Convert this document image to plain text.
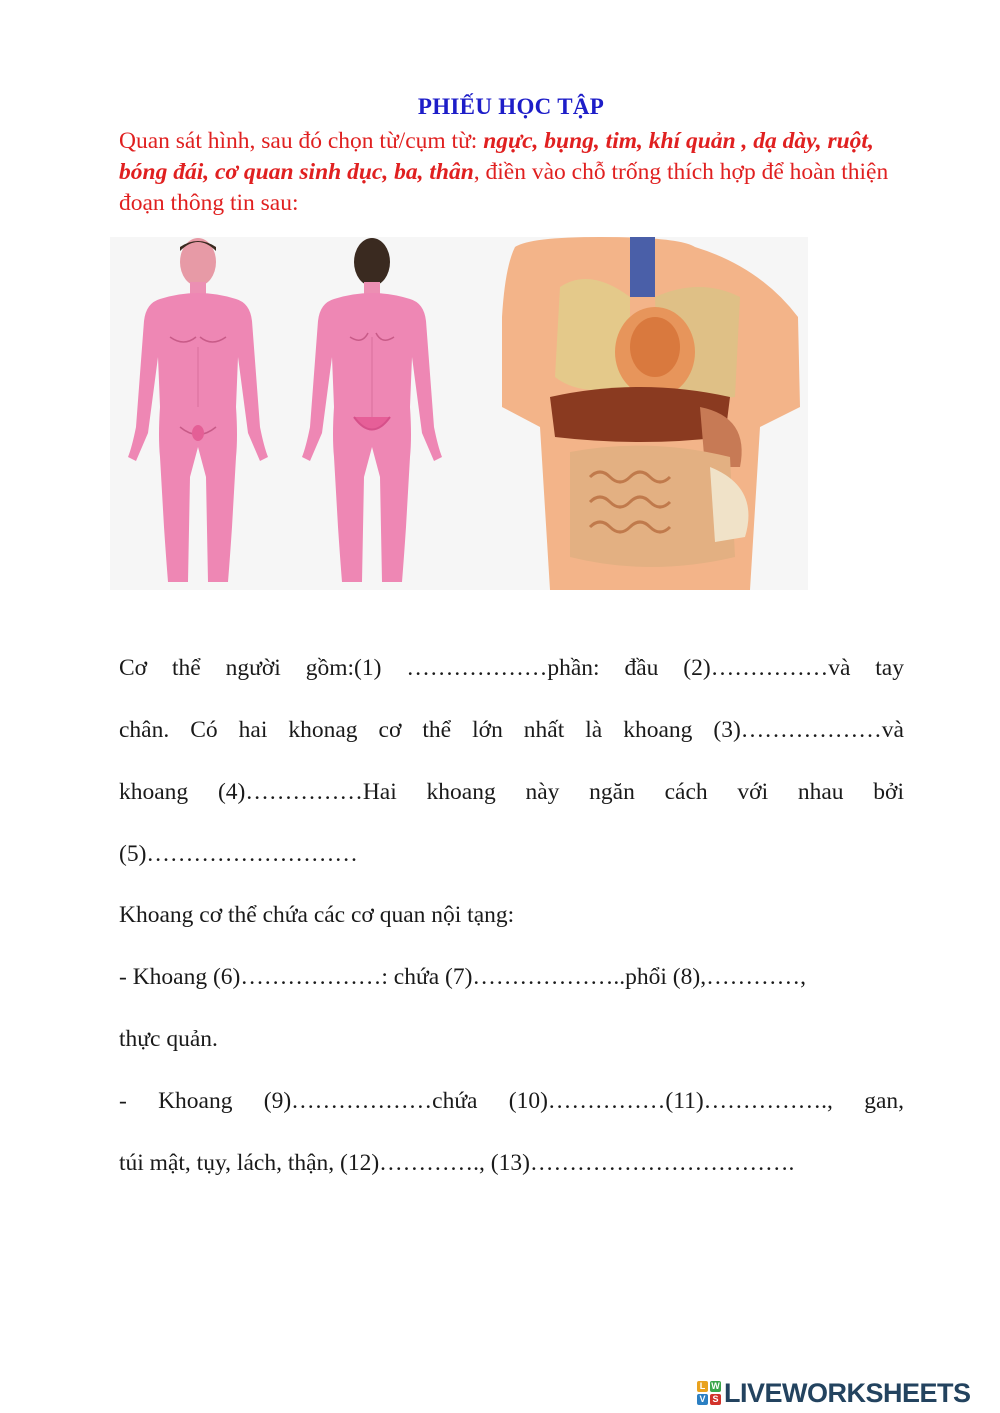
PHIẾU HỌC TẬP
Quan sát hình, sau đó chọn từ/cụm từ: ngực, bụng, tim, khí quản , dạ dày, ruột, bóng đái, cơ quan sinh dục, ba, thân, điền vào chỗ trống thích hợp để hoàn thiện đoạn thông tin sau:
Cơ thể người gồm:(1) ………………phần: đầu (2)……………và tay
chân. Có hai khonag cơ thể lớn nhất là khoang (3)………………và
khoang (4)……………Hai khoang này ngăn cách với nhau bởi
(5)………………………
Khoang cơ thể chứa các cơ quan nội tạng:
- Khoang (6)………………: chứa (7)………………..phổi (8),…………,
thực quản.
- Khoang (9)………………chứa (10)……………(11)……………., gan,
túi mật, tụy, lách, thận, (12)…………., (13)…………………………….
L W
V S LIVEWORKSHEETS
